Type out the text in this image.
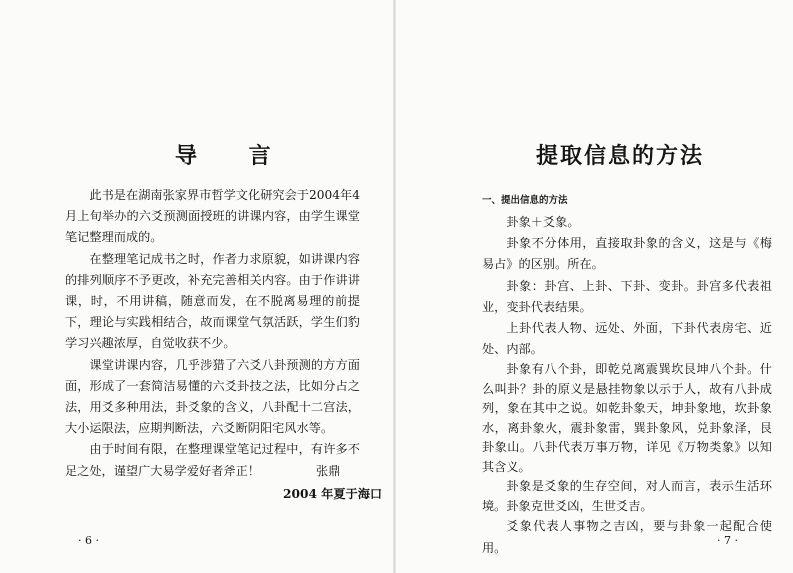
导 言

此书是在湖南张家界市哲学文化研究会于2004年4月上旬举办的六爻预测面授班的讲课内容，由学生课堂笔记整理而成的。

在整理笔记成书之时，作者力求原貌，如讲课内容的排列顺序不予更改，补充完善相关内容。由于作讲讲课，时，不用讲稿，随意而发，在不脱离易理的前提下，理论与实践相结合，故而课堂气氛活跃，学生们豹学习兴趣浓厚，自觉收获不少。

课堂讲课内容，几乎涉猎了六爻八卦预测的方方面面，形成了一套简洁易懂的六爻卦技之法，比如分占之法，用爻多种用法，卦爻象的含义，八卦配十二宫法，大小运限法，应期判断法，六爻断阴阳宅风水等。

由于时间有限，在整理课堂笔记过程中，有许多不足之处，谨望广大易学爱好者斧正！	张鼎

2004 年夏于海口

· 6 ·

提取信息的方法

一、提出信息的方法

卦象＋爻象。

卦象不分体用，直接取卦象的含义，这是与《梅易占》的区别。所在。

卦象：卦宫、上卦、下卦、变卦。卦宫多代表祖业，变卦代表结果。

上卦代表人物、远处、外面，下卦代表房宅、近处、内部。

卦象有八个卦，即乾兑离震巽坎艮坤八个卦。什么叫卦？卦的原义是悬挂物象以示于人，故有八卦成列，象在其中之说。如乾卦象天，坤卦象地，坎卦象水，离卦象火，震卦象雷，巽卦象风，兑卦象泽，艮卦象山。八卦代表万事万物，详见《万物类象》以知其含义。

卦象是爻象的生存空间，对人而言，表示生活环境。卦象克世爻凶，生世爻吉。

爻象代表人事物之吉凶，要与卦象一起配合使用。

· 7 ·
